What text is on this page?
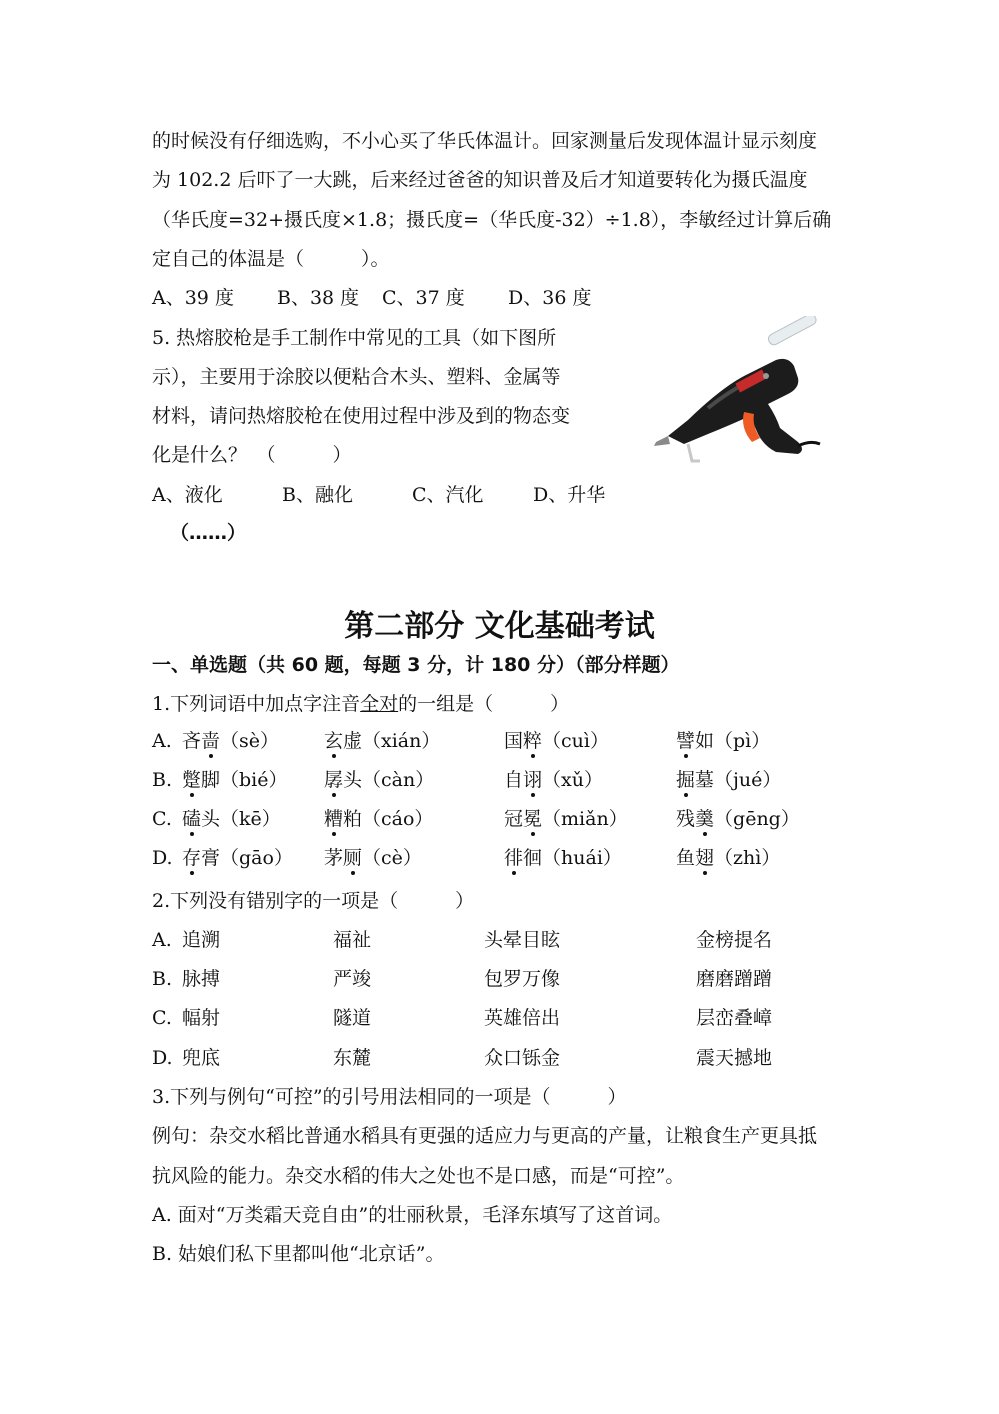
的时候没有仔细选购，不小心买了华氏体温计。回家测量后发现体温计显示刻度
为 102.2 后吓了一大跳，后来经过爸爸的知识普及后才知道要转化为摄氏温度
（华氏度=32+摄氏度×1.8；摄氏度=（华氏度-32）÷1.8），李敏经过计算后确
定自己的体温是（　　　）。
A、39 度 B、38 度 C、37 度 D、36 度
5. 热熔胶枪是手工制作中常见的工具（如下图所
示），主要用于涂胶以便粘合木头、塑料、金属等
材料，请问热熔胶枪在使用过程中涉及到的物态变
化是什么？　（　　　）
A、液化	B、融化	C、汽化	D、升华
（……）
第二部分 文化基础考试
一、单选题（共 60 题，每题 3 分，计 180 分）（部分样题）
1.下列词语中加点字注音全对的一组是（　　　）
A. 吝啬（sè） 玄虚（xián）	国粹（cuì）	譬如（pì）
B. 蹩脚（bié） 孱头（càn）	自诩（xǔ）	掘墓（jué）
C. 磕头（kē） 糟粕（cáo）	冠冕（miǎn）	残羹（gēng）
D. 存膏（gāo） 茅厕（cè）	徘徊（huái）	鱼翅（zhì）
2.下列没有错别字的一项是（　　　）
A. 追溯	福祉	头晕目眩	金榜提名
B. 脉搏	严竣	包罗万像	磨磨蹭蹭
C. 幅射	隧道	英雄倍出	层峦叠嶂
D. 兜底	东麓	众口铄金	震天撼地
3.下列与例句“可控”的引号用法相同的一项是（　　　）
例句：杂交水稻比普通水稻具有更强的适应力与更高的产量，让粮食生产更具抵
抗风险的能力。杂交水稻的伟大之处也不是口感，而是“可控”。
A. 面对“万类霜天竞自由”的壮丽秋景，毛泽东填写了这首词。
B. 姑娘们私下里都叫他“北京话”。
